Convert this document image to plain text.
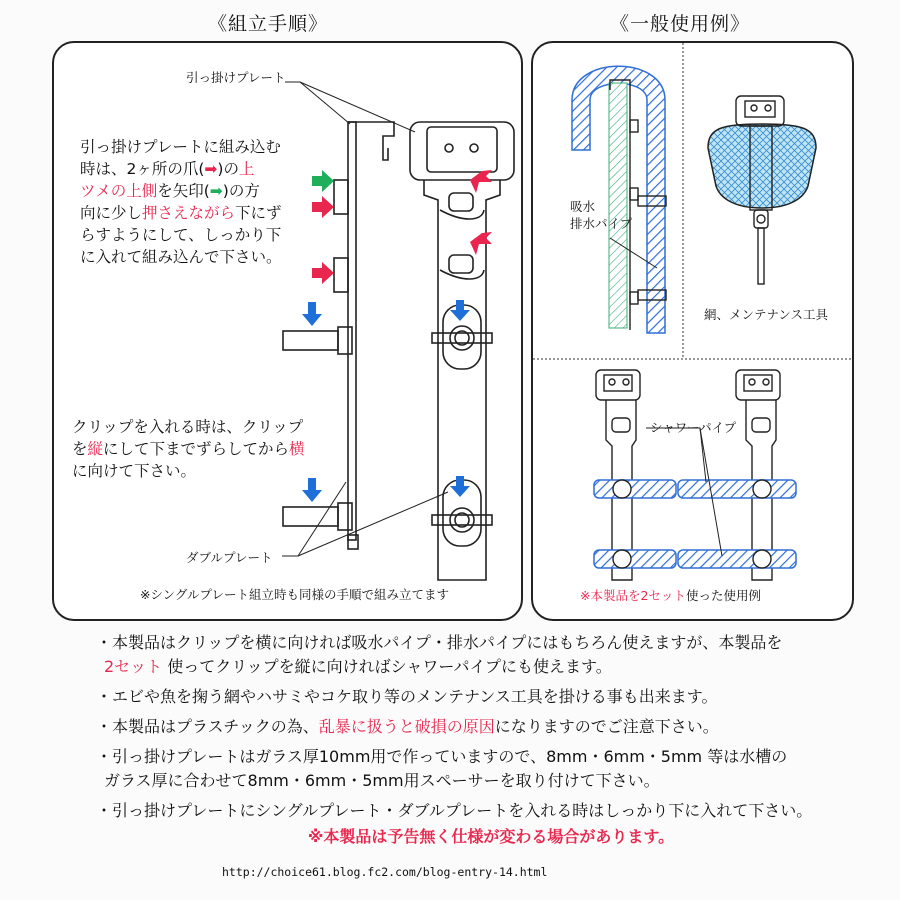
《組立手順》	《一般使用例》
引っ掛けプレート
ダブルプレート
引っ掛けプレートに組み込む
時は、2ヶ所の爪(➡)の上
ツメの上側を矢印(➡)の方
向に少し押さえながら下にず
らすようにして、しっかり下
に入れて組み込んで下さい。
クリップを入れる時は、クリップ
を縦にして下までずらしてから横
に向けて下さい。
※シングルプレート組立時も同様の手順で組み立てます
吸水
排水パイプ
網、メンテナンス工具
シャワーパイプ
※本製品を2セット使った使用例

・本製品はクリップを横に向ければ吸水パイプ・排水パイプにはもちろん使えますが、本製品を
2セット 使ってクリップを縦に向ければシャワーパイプにも使えます。

・エビや魚を掬う網やハサミやコケ取り等のメンテナンス工具を掛ける事も出来ます。

・本製品はプラスチックの為、乱暴に扱うと破損の原因になりますのでご注意下さい。

・引っ掛けプレートはガラス厚10mm用で作っていますので、8mm・6mm・5mm 等は水槽の
ガラス厚に合わせて8mm・6mm・5mm用スペーサーを取り付けて下さい。

・引っ掛けプレートにシングルプレート・ダブルプレートを入れる時はしっかり下に入れて下さい。

※本製品は予告無く仕様が変わる場合があります。

http://choice61.blog.fc2.com/blog-entry-14.html
